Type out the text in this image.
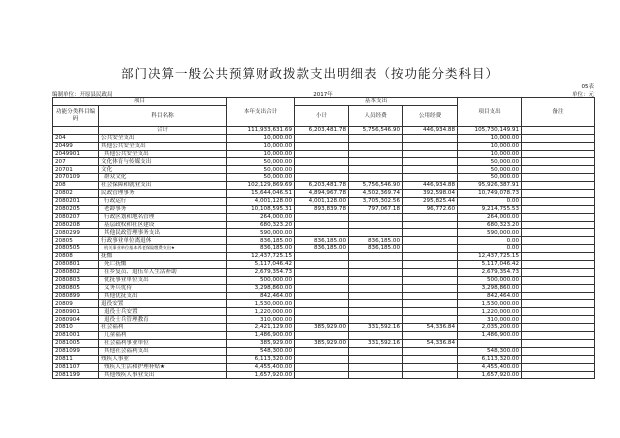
部门决算一般公共预算财政拨款支出明细表（按功能分类科目）
05表
编制单位：开原县民政局	2017年	单位：元
项目		本年支出合计	基本支出			项目支出	备注
功能分类科目编码	科目名称		小计	人员经费	公用经费		

	合计	111,933,631.69	6,203,481.78	5,756,546.90	446,934.88	105,730,149.91	
204	公共安全支出	10,000.00				10,000.00	
20499	其他公共安全支出	10,000.00				10,000.00	
2049901	其他公共安全支出	10,000.00				10,000.00	
207	文化体育与传媒支出	50,000.00				50,000.00	
20701	文化	50,000.00				50,000.00	
2070109	群众文化	50,000.00				50,000.00	
208	社会保障和就业支出	102,129,869.69	6,203,481.78	5,756,546.90	446,934.88	95,926,387.91	
20802	民政管理事务	15,644,046.51	4,894,967.78	4,502,369.74	392,598.04	10,749,078.73	
2080201	行政运行	4,001,128.00	4,001,128.00	3,705,302.56	295,825.44	0.00	
2080205	老龄事务	10,108,595.31	893,839.78	797,067.18	96,772.60	9,214,755.53	
2080207	行政区划和地名管理	264,000.00				264,000.00	
2080208	基层政权和社区建设	680,323.20				680,323.20	
2080299	其他民政管理事务支出	590,000.00				590,000.00	
20805	行政事业单位离退休	836,185.00	836,185.00	836,185.00		0.00	
2080505	机关事业单位基本养老保险缴费支出★	836,185.00	836,185.00	836,185.00		0.00	
20808	抚恤	12,437,725.15				12,437,725.15	
2080801	死亡抚恤	5,117,046.42				5,117,046.42	
2080802	在乡复员、退伍军人生活补助	2,679,354.73				2,679,354.73	
2080803	优抚事业单位支出	500,000.00				500,000.00	
2080805	义务兵优待	3,298,860.00				3,298,860.00	
2080899	其他优抚支出	842,464.00				842,464.00	
20809	退役安置	1,530,000.00				1,530,000.00	
2080901	退役士兵安置	1,220,000.00				1,220,000.00	
2080904	退役士兵管理教育	310,000.00				310,000.00	
20810	社会福利	2,421,129.00	385,929.00	331,592.16	54,336.84	2,035,200.00	
2081001	儿童福利	1,486,900.00				1,486,900.00	
2081005	社会福利事业单位	385,929.00	385,929.00	331,592.16	54,336.84		
2081099	其他社会福利支出	548,300.00				548,300.00	
20811	残疾人事业	6,113,320.00				6,113,320.00	
2081107	残疾人生活和护理补贴★	4,455,400.00				4,455,400.00	
2081199	其他残疾人事业支出	1,657,920.00				1,657,920.00	
